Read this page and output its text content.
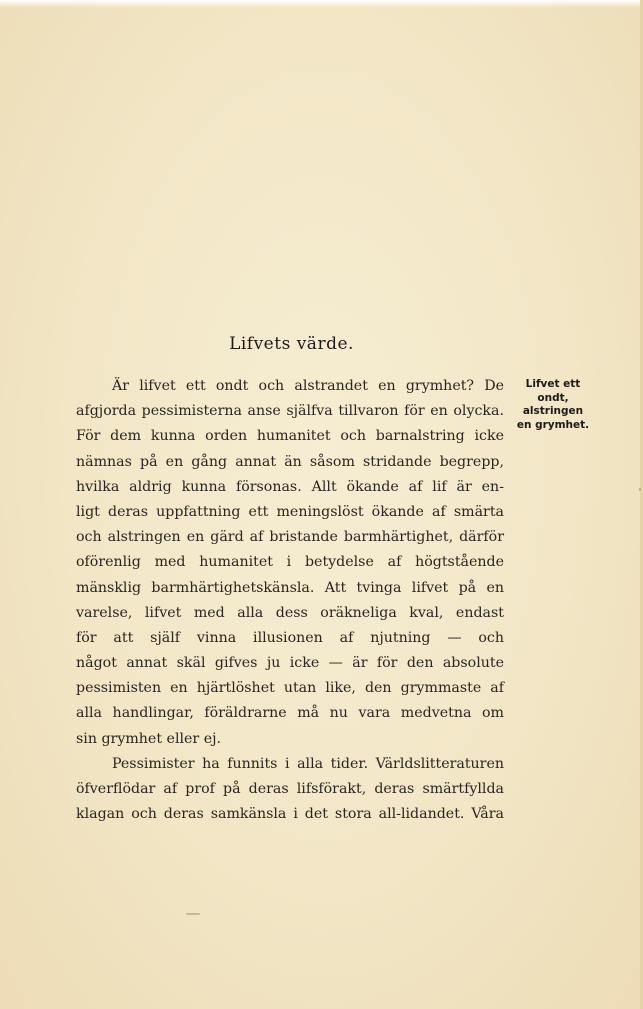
Lifvets värde.
Är lifvet ett ondt och alstrandet en grymhet? De
afgjorda pessimisterna anse själfva tillvaron för en olycka.
För dem kunna orden humanitet och barnalstring icke
nämnas på en gång annat än såsom stridande begrepp,
hvilka aldrig kunna försonas. Allt ökande af lif är en-
ligt deras uppfattning ett meningslöst ökande af smärta
och alstringen en gärd af bristande barmhärtighet, därför
oförenlig med humanitet i betydelse af högtstående
mänsklig barmhärtighetskänsla. Att tvinga lifvet på en
varelse, lifvet med alla dess oräkneliga kval, endast
för att själf vinna illusionen af njutning — och
något annat skäl gifves ju icke — är för den absolute
pessimisten en hjärtlöshet utan like, den grymmaste af
alla handlingar, föräldrarne må nu vara medvetna om
sin grymhet eller ej.
Pessimister ha funnits i alla tider. Världslitteraturen
öfverflödar af prof på deras lifsförakt, deras smärtfyllda
klagan och deras samkänsla i det stora all-lidandet. Våra
Lifvet ett
ondt,
alstringen
en grymhet.
